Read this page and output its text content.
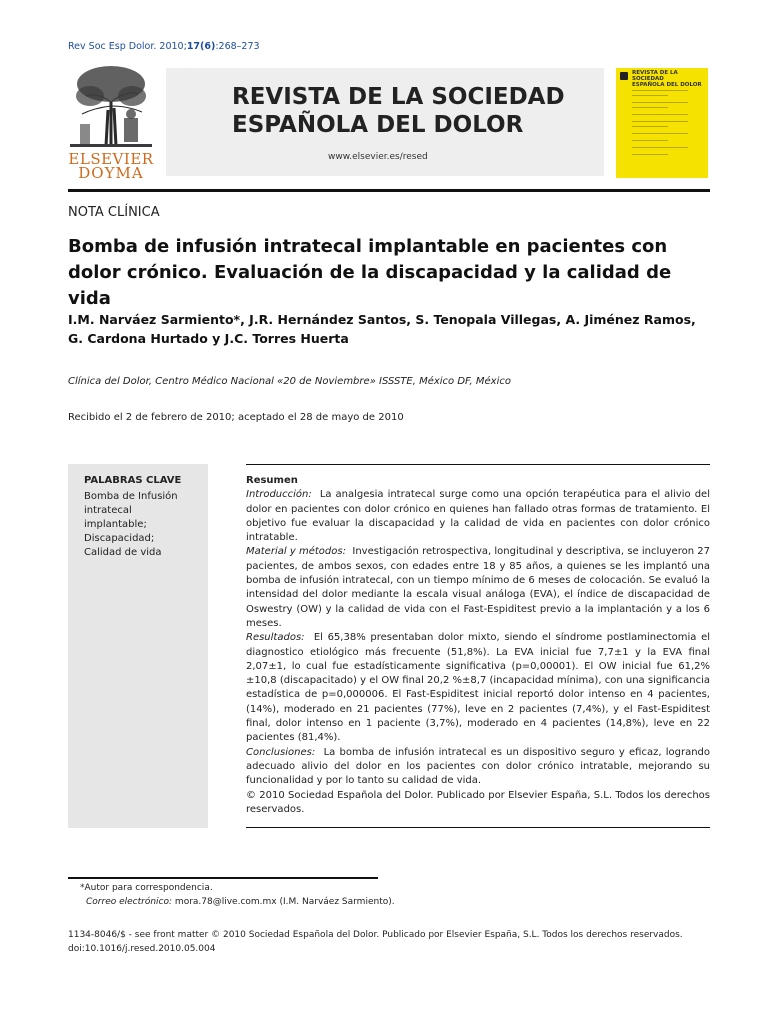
Rev Soc Esp Dolor. 2010;17(6):268–273
ELSEVIER
DOYMA
REVISTA DE LA SOCIEDAD
ESPAÑOLA DEL DOLOR
www.elsevier.es/resed
REVISTA DE LA SOCIEDAD
ESPAÑOLA DEL DOLOR
NOTA CLÍNICA
Bomba de infusión intratecal implantable en pacientes con dolor crónico. Evaluación de la discapacidad y la calidad de vida
I.M. Narváez Sarmiento*, J.R. Hernández Santos, S. Tenopala Villegas, A. Jiménez Ramos,
G. Cardona Hurtado y J.C. Torres Huerta
Clínica del Dolor, Centro Médico Nacional «20 de Noviembre» ISSSTE, México DF, México
Recibido el 2 de febrero de 2010; aceptado el 28 de mayo de 2010
PALABRAS CLAVE
Bomba de Infusión
intratecal
implantable;
Discapacidad;
Calidad de vida
Resumen

Introducción: La analgesia intratecal surge como una opción terapéutica para el alivio del dolor en pacientes con dolor crónico en quienes han fallado otras formas de tratamiento. El objetivo fue evaluar la discapacidad y la calidad de vida en pacientes con dolor crónico intratable.

Material y métodos: Investigación retrospectiva, longitudinal y descriptiva, se incluyeron 27 pacientes, de ambos sexos, con edades entre 18 y 85 años, a quienes se les implantó una bomba de infusión intratecal, con un tiempo mínimo de 6 meses de colocación. Se evaluó la intensidad del dolor mediante la escala visual análoga (EVA), el índice de discapacidad de Oswestry (OW) y la calidad de vida con el Fast-Espiditest previo a la implantación y a los 6 meses.

Resultados: El 65,38% presentaban dolor mixto, siendo el síndrome postlaminectomia el diagnostico etiológico más frecuente (51,8%). La EVA inicial fue 7,7±1 y la EVA final 2,07±1, lo cual fue estadísticamente significativa (p=0,00001). El OW inicial fue 61,2%±10,8 (discapacitado) y el OW final 20,2 %±8,7 (incapacidad mínima), con una significancia estadística de p=0,000006. El Fast-Espiditest inicial reportó dolor intenso en 4 pacientes, (14%), moderado en 21 pacientes (77%), leve en 2 pacientes (7,4%), y el Fast-Espiditest final, dolor intenso en 1 paciente (3,7%), moderado en 4 pacientes (14,8%), leve en 22 pacientes (81,4%).

Conclusiones: La bomba de infusión intratecal es un dispositivo seguro y eficaz, logrando adecuado alivio del dolor en los pacientes con dolor crónico intratable, mejorando su funcionalidad y por lo tanto su calidad de vida.

© 2010 Sociedad Española del Dolor. Publicado por Elsevier España, S.L. Todos los derechos reservados.

*Autor para correspondencia.
Correo electrónico: mora.78@live.com.mx (I.M. Narváez Sarmiento).
1134-8046/$ - see front matter © 2010 Sociedad Española del Dolor. Publicado por Elsevier España, S.L. Todos los derechos reservados.
doi:10.1016/j.resed.2010.05.004
